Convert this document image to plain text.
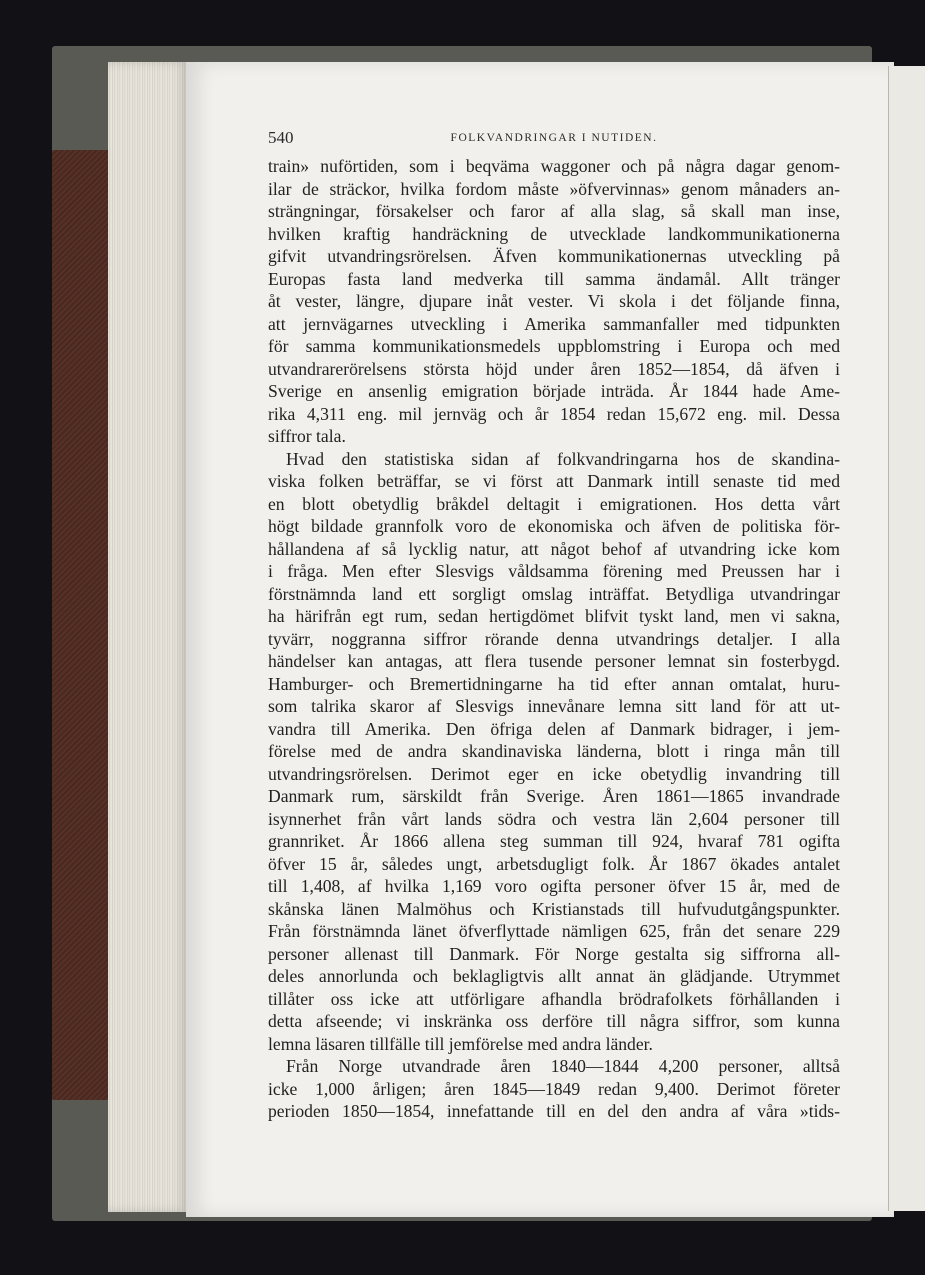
540	FOLKVANDRINGAR I NUTIDEN.
train» nuförtiden, som i beqväma waggoner och på några dagar genom-
ilar de sträckor, hvilka fordom måste »öfvervinnas» genom månaders an-
strängningar, försakelser och faror af alla slag, så skall man inse,
hvilken kraftig handräckning de utvecklade landkommunikationerna
gifvit utvandringsrörelsen. Äfven kommunikationernas utveckling på
Europas fasta land medverka till samma ändamål. Allt tränger
åt vester, längre, djupare inåt vester. Vi skola i det följande finna,
att jernvägarnes utveckling i Amerika sammanfaller med tidpunkten
för samma kommunikationsmedels uppblomstring i Europa och med
utvandrarerörelsens största höjd under åren 1852—1854, då äfven i
Sverige en ansenlig emigration började inträda. År 1844 hade Ame-
rika 4,311 eng. mil jernväg och år 1854 redan 15,672 eng. mil. Dessa
siffror tala.
Hvad den statistiska sidan af folkvandringarna hos de skandina-
viska folken beträffar, se vi först att Danmark intill senaste tid med
en blott obetydlig bråkdel deltagit i emigrationen. Hos detta vårt
högt bildade grannfolk voro de ekonomiska och äfven de politiska för-
hållandena af så lycklig natur, att något behof af utvandring icke kom
i fråga. Men efter Slesvigs våldsamma förening med Preussen har i
förstnämnda land ett sorgligt omslag inträffat. Betydliga utvandringar
ha härifrån egt rum, sedan hertigdömet blifvit tyskt land, men vi sakna,
tyvärr, noggranna siffror rörande denna utvandrings detaljer. I alla
händelser kan antagas, att flera tusende personer lemnat sin fosterbygd.
Hamburger- och Bremertidningarne ha tid efter annan omtalat, huru-
som talrika skaror af Slesvigs innevånare lemna sitt land för att ut-
vandra till Amerika. Den öfriga delen af Danmark bidrager, i jem-
förelse med de andra skandinaviska länderna, blott i ringa mån till
utvandringsrörelsen. Derimot eger en icke obetydlig invandring till
Danmark rum, särskildt från Sverige. Åren 1861—1865 invandrade
isynnerhet från vårt lands södra och vestra län 2,604 personer till
grannriket. År 1866 allena steg summan till 924, hvaraf 781 ogifta
öfver 15 år, således ungt, arbetsdugligt folk. År 1867 ökades antalet
till 1,408, af hvilka 1,169 voro ogifta personer öfver 15 år, med de
skånska länen Malmöhus och Kristianstads till hufvudutgångspunkter.
Från förstnämnda länet öfverflyttade nämligen 625, från det senare 229
personer allenast till Danmark. För Norge gestalta sig siffrorna all-
deles annorlunda och beklagligtvis allt annat än glädjande. Utrymmet
tillåter oss icke att utförligare afhandla brödrafolkets förhållanden i
detta afseende; vi inskränka oss derföre till några siffror, som kunna
lemna läsaren tillfälle till jemförelse med andra länder.
Från Norge utvandrade åren 1840—1844 4,200 personer, alltså
icke 1,000 årligen; åren 1845—1849 redan 9,400. Derimot företer
perioden 1850—1854, innefattande till en del den andra af våra »tids-
